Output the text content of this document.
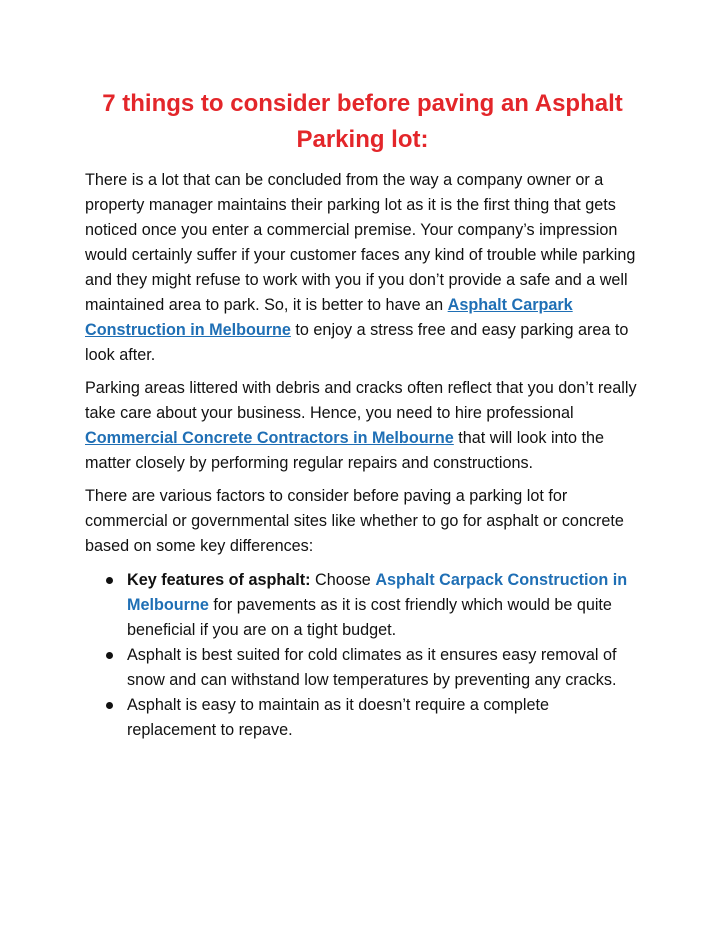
7 things to consider before paving an Asphalt
Parking lot:

There is a lot that can be concluded from the way a company owner or a property manager maintains their parking lot as it is the first thing that gets noticed once you enter a commercial premise. Your company’s impression would certainly suffer if your customer faces any kind of trouble while parking and they might refuse to work with you if you don’t provide a safe and a well maintained area to park. So, it is better to have an Asphalt Carpark Construction in Melbourne to enjoy a stress free and easy parking area to look after.

Parking areas littered with debris and cracks often reflect that you don’t really take care about your business. Hence, you need to hire professional Commercial Concrete Contractors in Melbourne that will look into the matter closely by performing regular repairs and constructions.

There are various factors to consider before paving a parking lot for commercial or governmental sites like whether to go for asphalt or concrete based on some key differences:

Key features of asphalt: Choose Asphalt Carpack Construction in Melbourne for pavements as it is cost friendly which would be quite beneficial if you are on a tight budget.
Asphalt is best suited for cold climates as it ensures easy removal of snow and can withstand low temperatures by preventing any cracks.
Asphalt is easy to maintain as it doesn’t require a complete replacement to repave.
